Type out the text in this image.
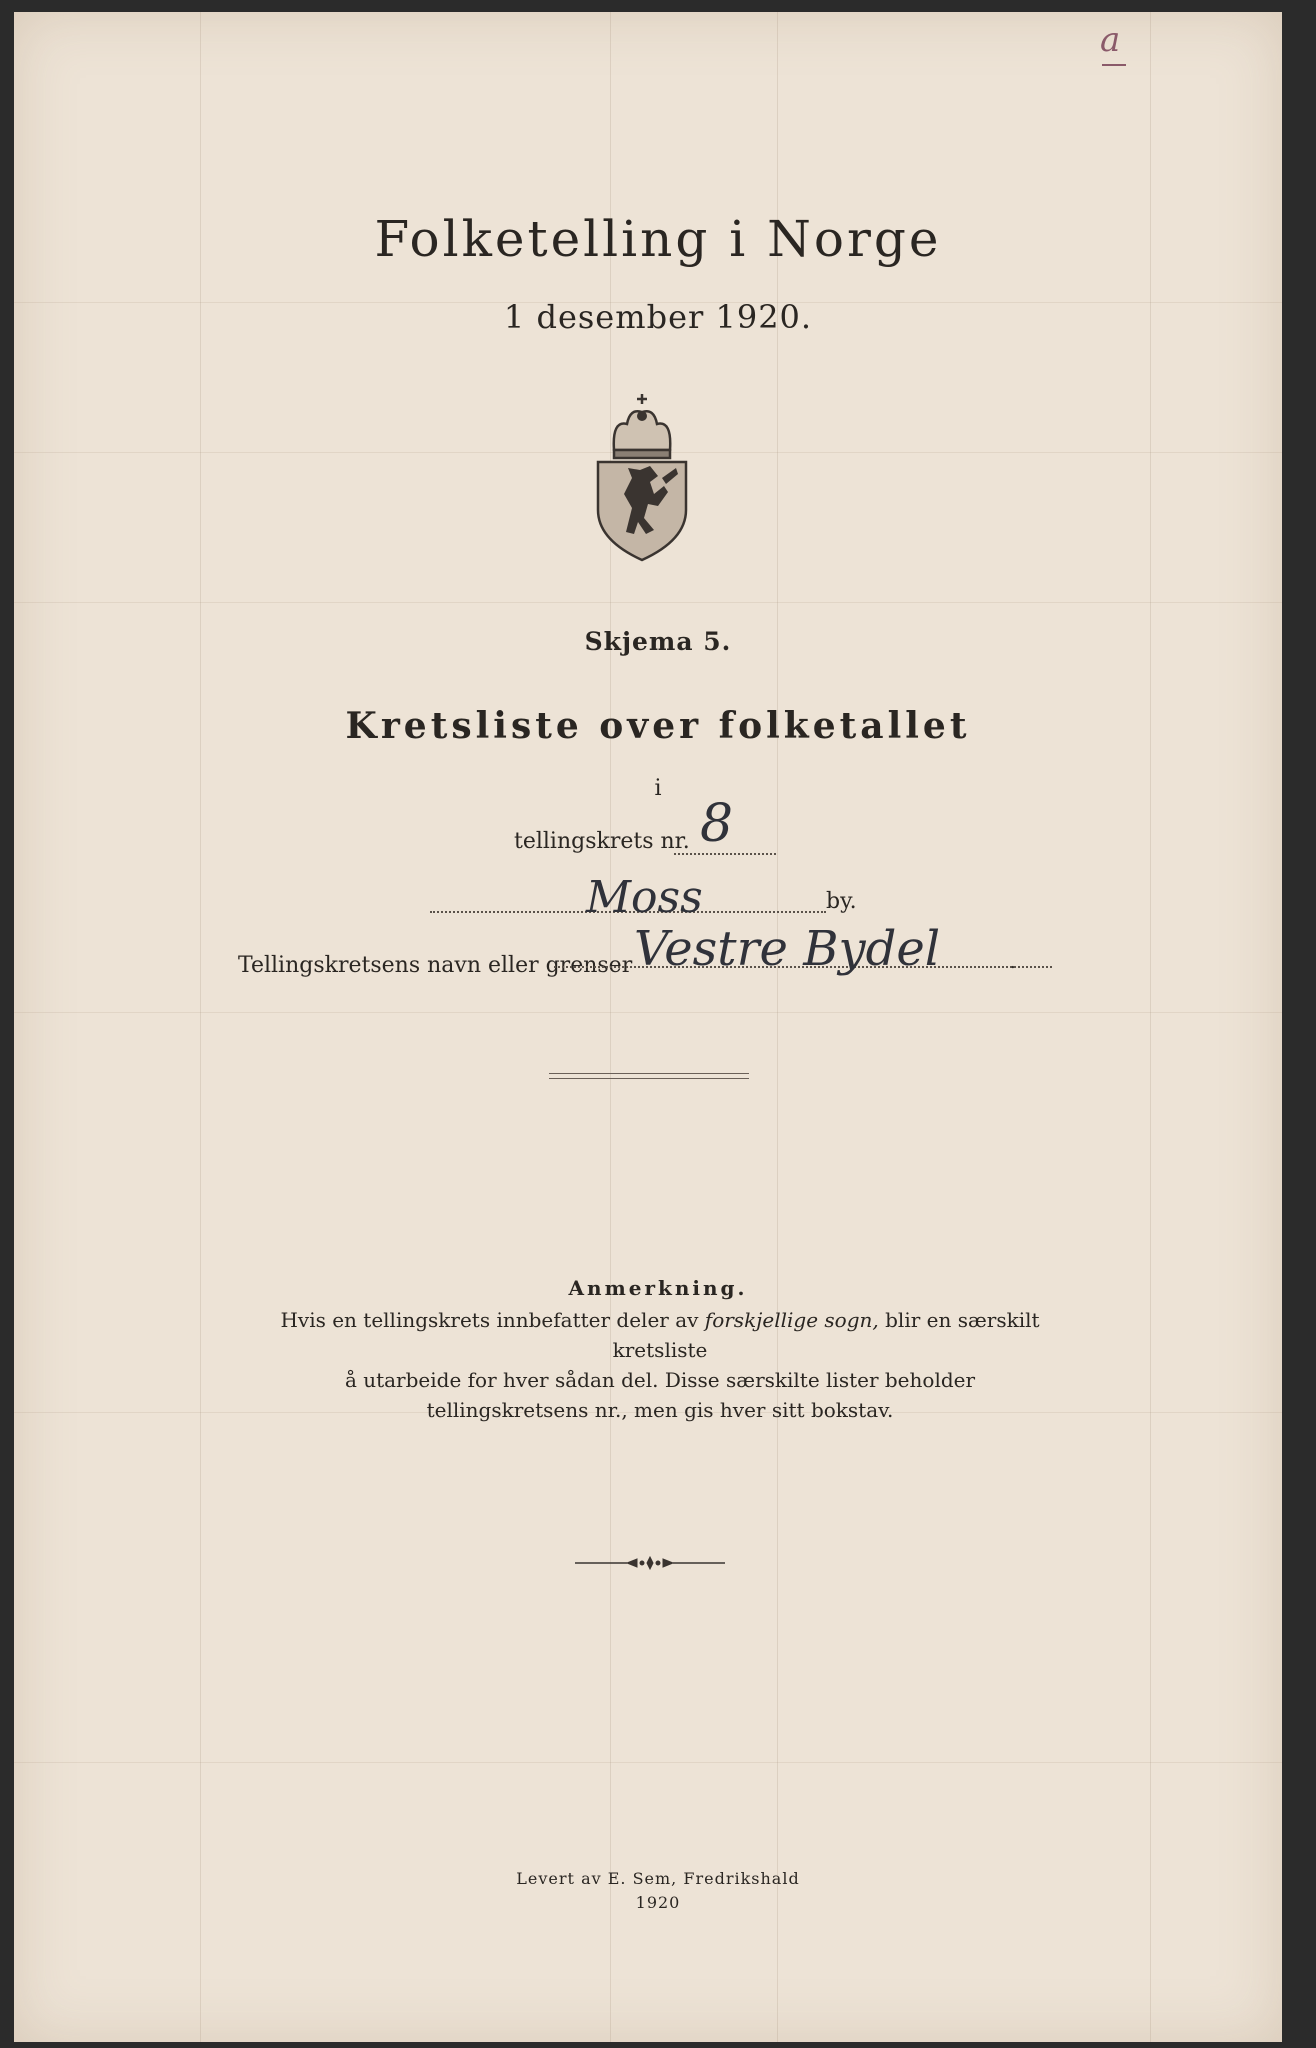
a
Folketelling i Norge
1 desember 1920.
Skjema 5.
Kretsliste over folketallet
i
tellingskrets nr. 8
Moss	by.
Tellingskretsens navn eller grenser Vestre Bydel	.
Anmerkning.
Hvis en tellingskrets innbefatter deler av forskjellige sogn, blir en særskilt kretsliste
å utarbeide for hver sådan del. Disse særskilte lister beholder
tellingskretsens nr., men gis hver sitt bokstav.
Levert av E. Sem, Fredrikshald
1920
